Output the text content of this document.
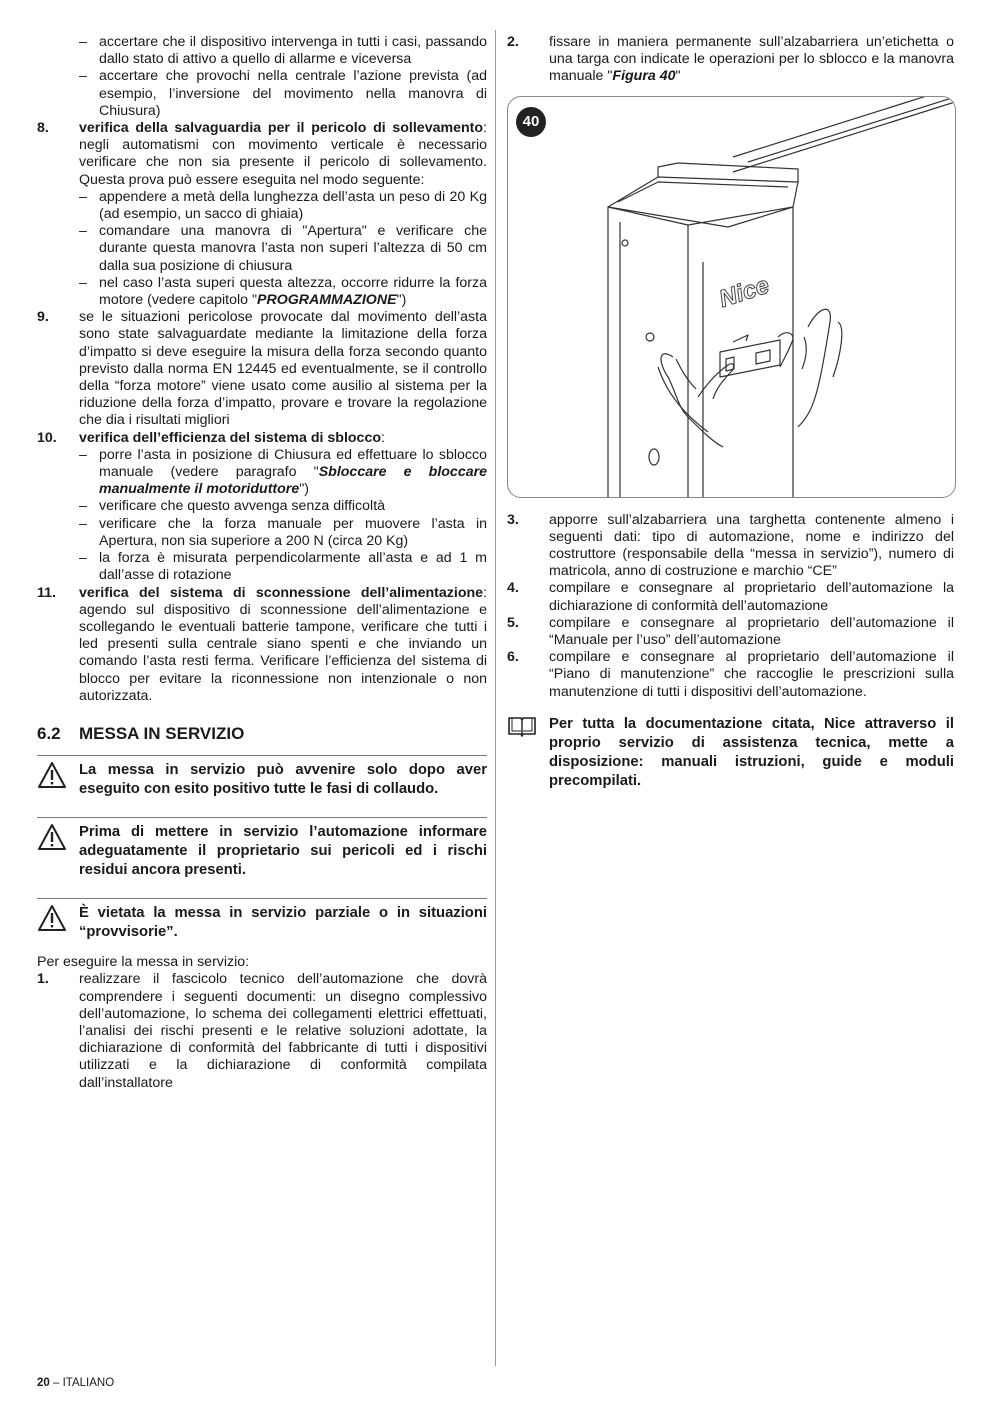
– accertare che il dispositivo intervenga in tutti i casi, passando dallo stato di attivo a quello di allarme e viceversa
– accertare che provochi nella centrale l’azione prevista (ad esempio, l’inversione del movimento nella manovra di Chiusura)
8.	verifica della salvaguardia per il pericolo di sollevamento: negli automatismi con movimento verticale è necessario verificare che non sia presente il pericolo di sollevamento. Questa prova può essere eseguita nel modo seguente:
– appendere a metà della lunghezza dell’asta un peso di 20 Kg (ad esempio, un sacco di ghiaia)
– comandare una manovra di "Apertura" e verificare che durante questa manovra l’asta non superi l’altezza di 50 cm dalla sua posizione di chiusura
– nel caso l’asta superi questa altezza, occorre ridurre la forza motore (vedere capitolo "PROGRAMMAZIONE")
9.	se le situazioni pericolose provocate dal movimento dell’asta sono state salvaguardate mediante la limitazione della forza d’impatto si deve eseguire la misura della forza secondo quanto previsto dalla norma EN 12445 ed eventualmente, se il controllo della “forza motore” viene usato come ausilio al sistema per la riduzione della forza d’impatto, provare e trovare la regolazione che dia i risultati migliori
10.	verifica dell’efficienza del sistema di sblocco:
– porre l’asta in posizione di Chiusura ed effettuare lo sblocco manuale (vedere paragrafo "Sbloccare e bloccare manualmente il motoriduttore")
– verificare che questo avvenga senza difficoltà
– verificare che la forza manuale per muovere l’asta in Apertura, non sia superiore a 200 N (circa 20 Kg)
– la forza è misurata perpendicolarmente all’asta e ad 1 m dall’asse di rotazione
11.	verifica del sistema di sconnessione dell’alimentazione: agendo sul dispositivo di sconnessione dell’alimentazione e scollegando le eventuali batterie tampone, verificare che tutti i led presenti sulla centrale siano spenti e che inviando un comando l’asta resti ferma. Verificare l’efficienza del sistema di blocco per evitare la riconnessione non intenzionale o non autorizzata.
6.2	MESSA IN SERVIZIO
La messa in servizio può avvenire solo dopo aver eseguito con esito positivo tutte le fasi di collaudo.
Prima di mettere in servizio l’automazione informare adeguatamente il proprietario sui pericoli ed i rischi residui ancora presenti.
È vietata la messa in servizio parziale o in situazioni “provvisorie”.
Per eseguire la messa in servizio:
1.	realizzare il fascicolo tecnico dell’automazione che dovrà comprendere i seguenti documenti: un disegno complessivo dell’automazione, lo schema dei collegamenti elettrici effettuati, l’analisi dei rischi presenti e le relative soluzioni adottate, la dichiarazione di conformità del fabbricante di tutti i dispositivi utilizzati e la dichiarazione di conformità compilata dall’installatore
2.	fissare in maniera permanente sull’alzabarriera un’etichetta o una targa con indicate le operazioni per lo sblocco e la manovra manuale "Figura 40"
40
Nice
3.	apporre sull’alzabarriera una targhetta contenente almeno i seguenti dati: tipo di automazione, nome e indirizzo del costruttore (responsabile della “messa in servizio”), numero di matricola, anno di costruzione e marchio “CE”
4.	compilare e consegnare al proprietario dell’automazione la dichiarazione di conformità dell’automazione
5.	compilare e consegnare al proprietario dell’automazione il “Manuale per l’uso” dell’automazione
6.	compilare e consegnare al proprietario dell’automazione il “Piano di manutenzione” che raccoglie le prescrizioni sulla manutenzione di tutti i dispositivi dell’automazione.
Per tutta la documentazione citata, Nice attraverso il proprio servizio di assistenza tecnica, mette a disposizione: manuali istruzioni, guide e moduli precompilati.
20 – ITALIANO
